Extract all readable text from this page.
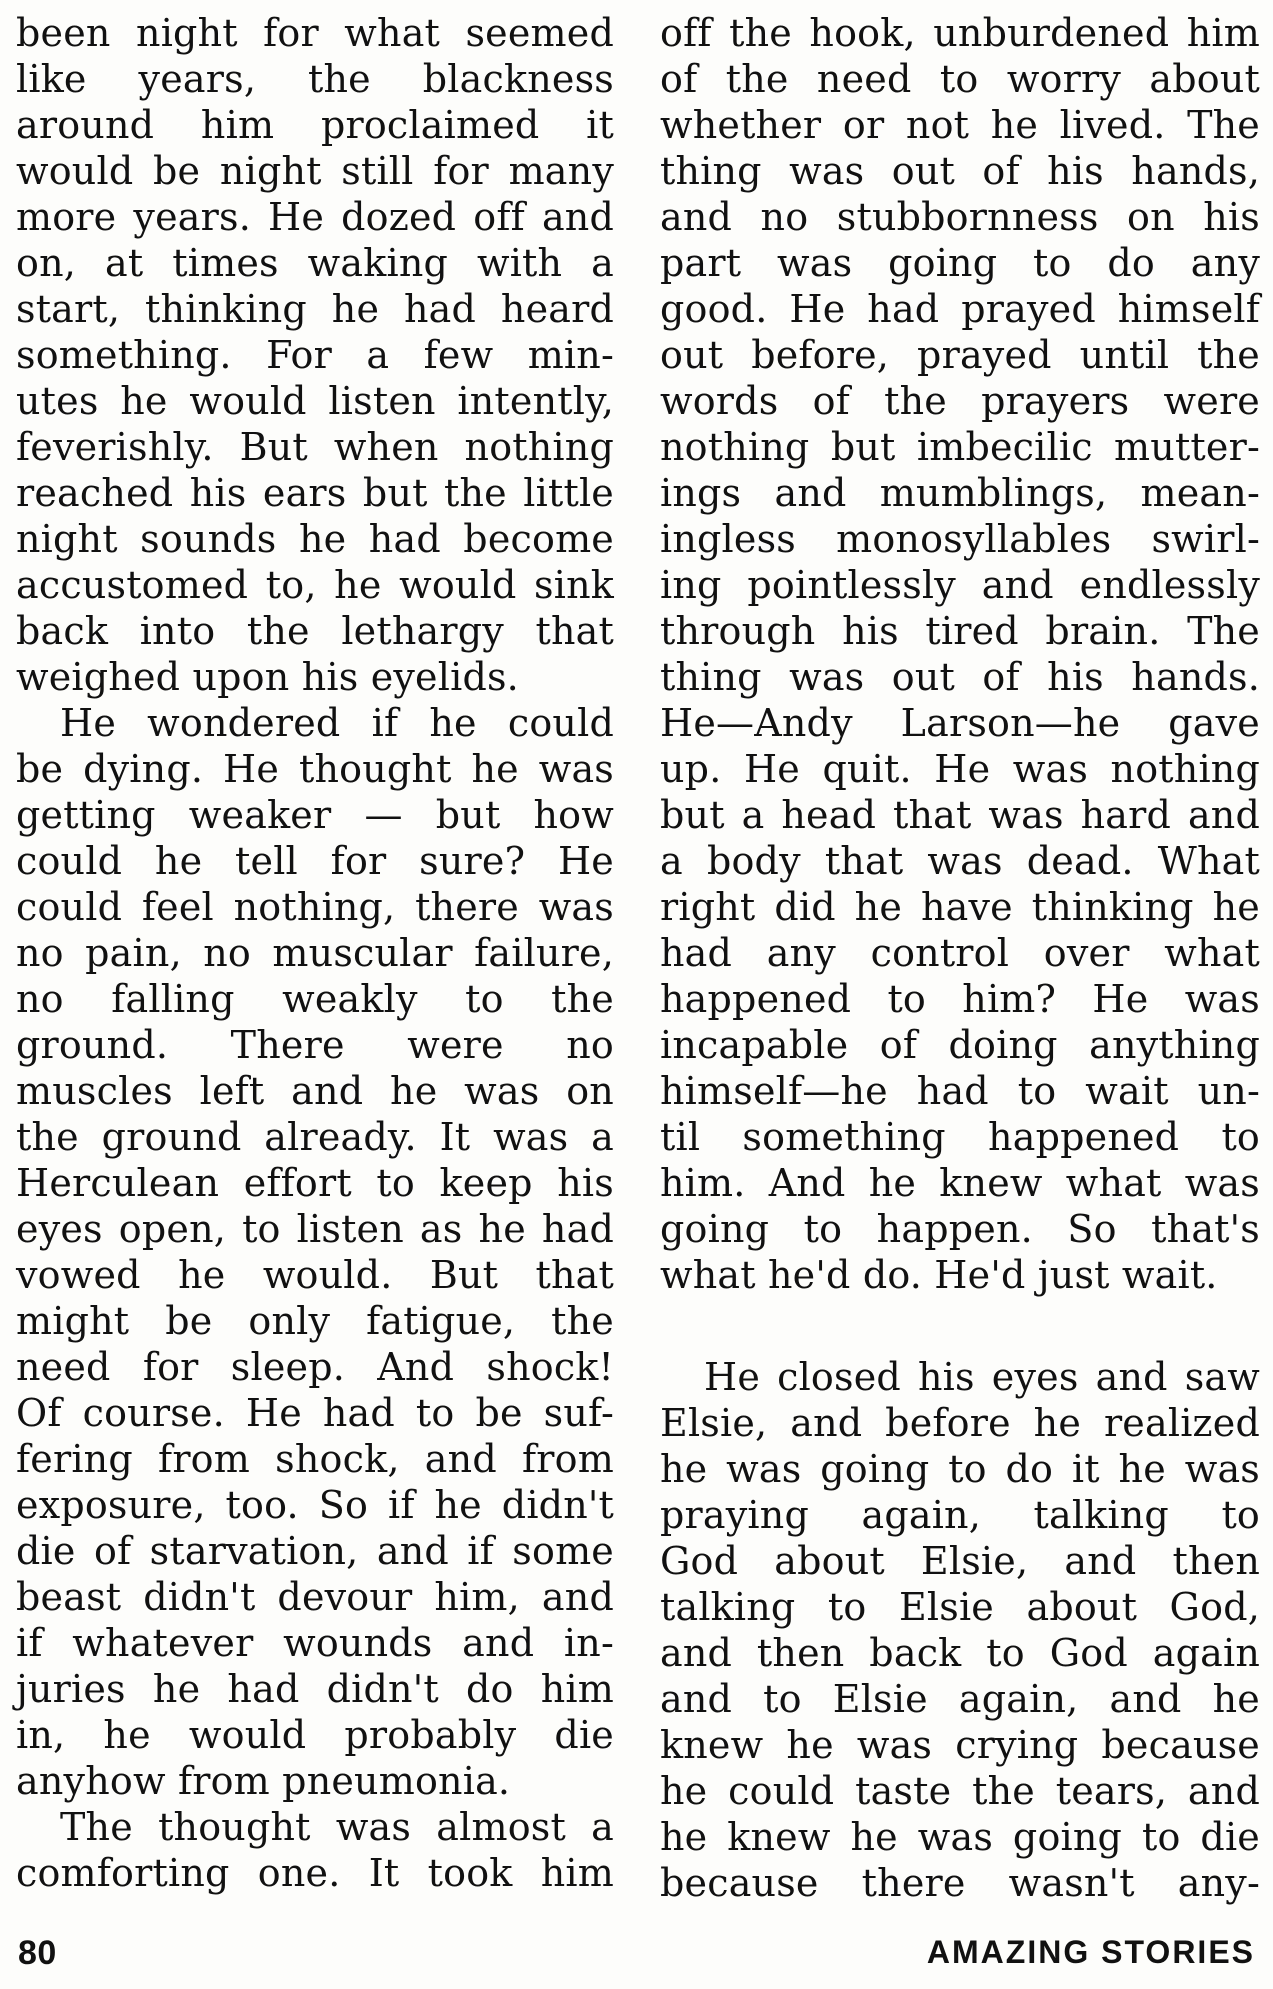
been night for what seemed
like years, the blackness
around him proclaimed it
would be night still for many
more years. He dozed off and
on, at times waking with a
start, thinking he had heard
something. For a few min-
utes he would listen intently,
feverishly. But when nothing
reached his ears but the little
night sounds he had become
accustomed to, he would sink
back into the lethargy that
weighed upon his eyelids.
He wondered if he could
be dying. He thought he was
getting weaker — but how
could he tell for sure? He
could feel nothing, there was
no pain, no muscular failure,
no falling weakly to the
ground. There were no
muscles left and he was on
the ground already. It was a
Herculean effort to keep his
eyes open, to listen as he had
vowed he would. But that
might be only fatigue, the
need for sleep. And shock!
Of course. He had to be suf-
fering from shock, and from
exposure, too. So if he didn't
die of starvation, and if some
beast didn't devour him, and
if whatever wounds and in-
juries he had didn't do him
in, he would probably die
anyhow from pneumonia.
The thought was almost a
comforting one. It took him
off the hook, unburdened him
of the need to worry about
whether or not he lived. The
thing was out of his hands,
and no stubbornness on his
part was going to do any
good. He had prayed himself
out before, prayed until the
words of the prayers were
nothing but imbecilic mutter-
ings and mumblings, mean-
ingless monosyllables swirl-
ing pointlessly and endlessly
through his tired brain. The
thing was out of his hands.
He—Andy Larson—he gave
up. He quit. He was nothing
but a head that was hard and
a body that was dead. What
right did he have thinking he
had any control over what
happened to him? He was
incapable of doing anything
himself—he had to wait un-
til something happened to
him. And he knew what was
going to happen. So that's
what he'd do. He'd just wait.
He closed his eyes and saw
Elsie, and before he realized
he was going to do it he was
praying again, talking to
God about Elsie, and then
talking to Elsie about God,
and then back to God again
and to Elsie again, and he
knew he was crying because
he could taste the tears, and
he knew he was going to die
because there wasn't any-
80	AMAZING STORIES
